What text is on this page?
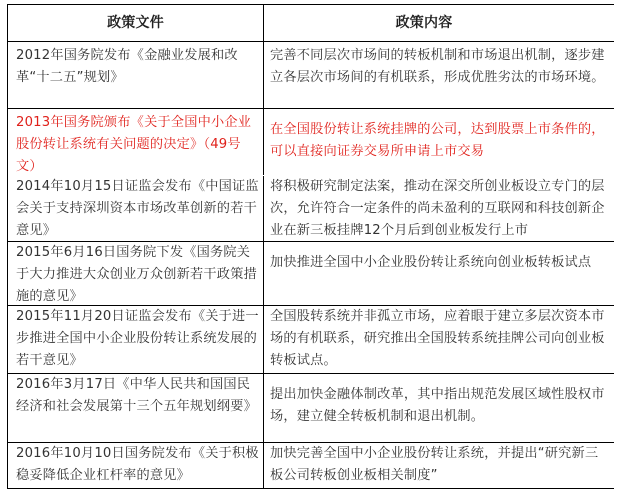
政策文件	政策内容
2012年国务院发布《金融业发展和改革“十二五”规划》
完善不同层次市场间的转板机制和市场退出机制，逐步建立各层次市场间的有机联系，形成优胜劣汰的市场环境。
2013年国务院颁布《关于全国中小企业股份转让系统有关问题的决定》（49号文）
在全国股份转让系统挂牌的公司，达到股票上市条件的，可以直接向证券交易所申请上市交易
2014年10月15日证监会发布《中国证监会关于支持深圳资本市场改革创新的若干意见》
将积极研究制定法案，推动在深交所创业板设立专门的层次，允许符合一定条件的尚未盈利的互联网和科技创新企业在新三板挂牌12个月后到创业板发行上市
2015年6月16日国务院下发《国务院关于大力推进大众创业万众创新若干政策措施的意见》
加快推进全国中小企业股份转让系统向创业板转板试点
2015年11月20日证监会发布《关于进一步推进全国中小企业股份转让系统发展的若干意见》
全国股转系统并非孤立市场，应着眼于建立多层次资本市场的有机联系，研究推出全国股转系统挂牌公司向创业板转板试点。
2016年3月17日《中华人民共和国国民经济和社会发展第十三个五年规划纲要》
提出加快金融体制改革，其中指出规范发展区域性股权市场，建立健全转板机制和退出机制。
2016年10月10日国务院发布《关于积极稳妥降低企业杠杆率的意见》
加快完善全国中小企业股份转让系统，并提出“研究新三板公司转板创业板相关制度”
